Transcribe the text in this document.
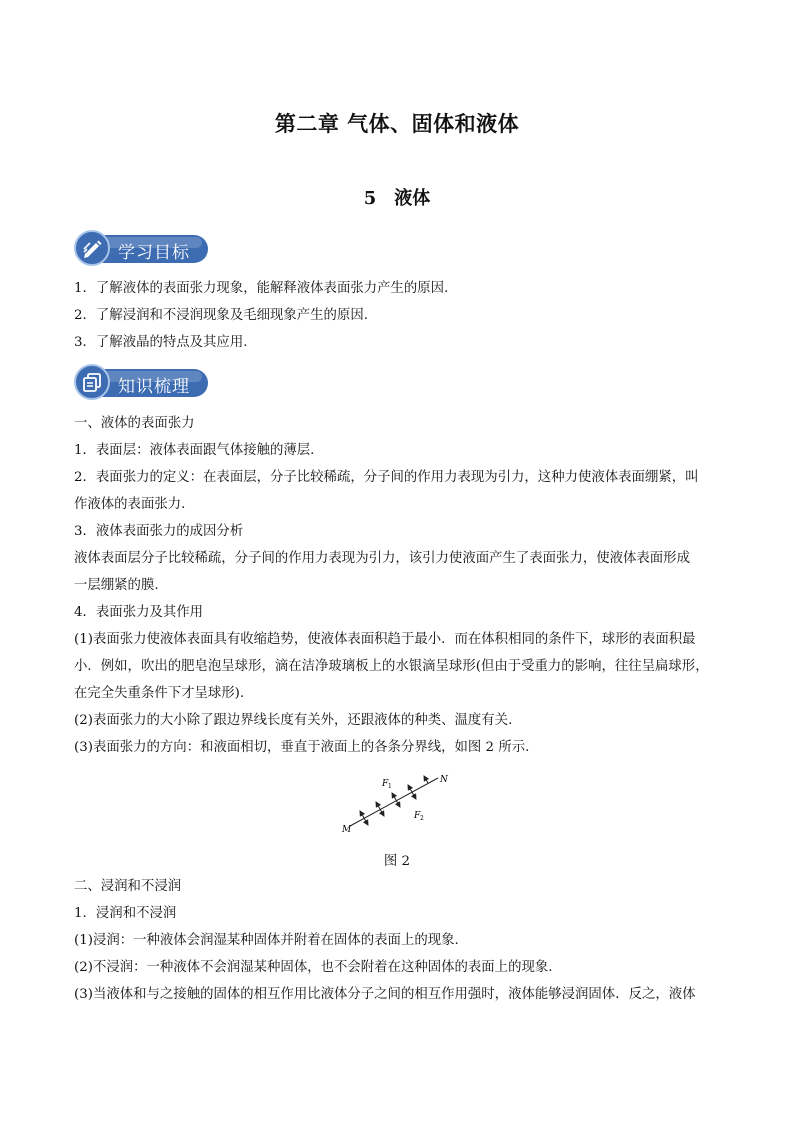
第二章 气体、固体和液体
5 液体
学习目标
1．了解液体的表面张力现象，能解释液体表面张力产生的原因.
2．了解浸润和不浸润现象及毛细现象产生的原因.
3．了解液晶的特点及其应用.
知识梳理
一、液体的表面张力
1．表面层：液体表面跟气体接触的薄层.
2．表面张力的定义：在表面层，分子比较稀疏，分子间的作用力表现为引力，这种力使液体表面绷紧，叫
作液体的表面张力.
3．液体表面张力的成因分析
液体表面层分子比较稀疏，分子间的作用力表现为引力，该引力使液面产生了表面张力，使液体表面形成
一层绷紧的膜.
4．表面张力及其作用
(1)表面张力使液体表面具有收缩趋势，使液体表面积趋于最小．而在体积相同的条件下，球形的表面积最
小．例如，吹出的肥皂泡呈球形，滴在洁净玻璃板上的水银滴呈球形(但由于受重力的影响，往往呈扁球形，
在完全失重条件下才呈球形).
(2)表面张力的大小除了跟边界线长度有关外，还跟液体的种类、温度有关.
(3)表面张力的方向：和液面相切，垂直于液面上的各条分界线，如图 2 所示.
M
N
F 1
F 2
图 2
二、浸润和不浸润
1．浸润和不浸润
(1)浸润：一种液体会润湿某种固体并附着在固体的表面上的现象.
(2)不浸润：一种液体不会润湿某种固体，也不会附着在这种固体的表面上的现象.
(3)当液体和与之接触的固体的相互作用比液体分子之间的相互作用强时，液体能够浸润固体．反之，液体
